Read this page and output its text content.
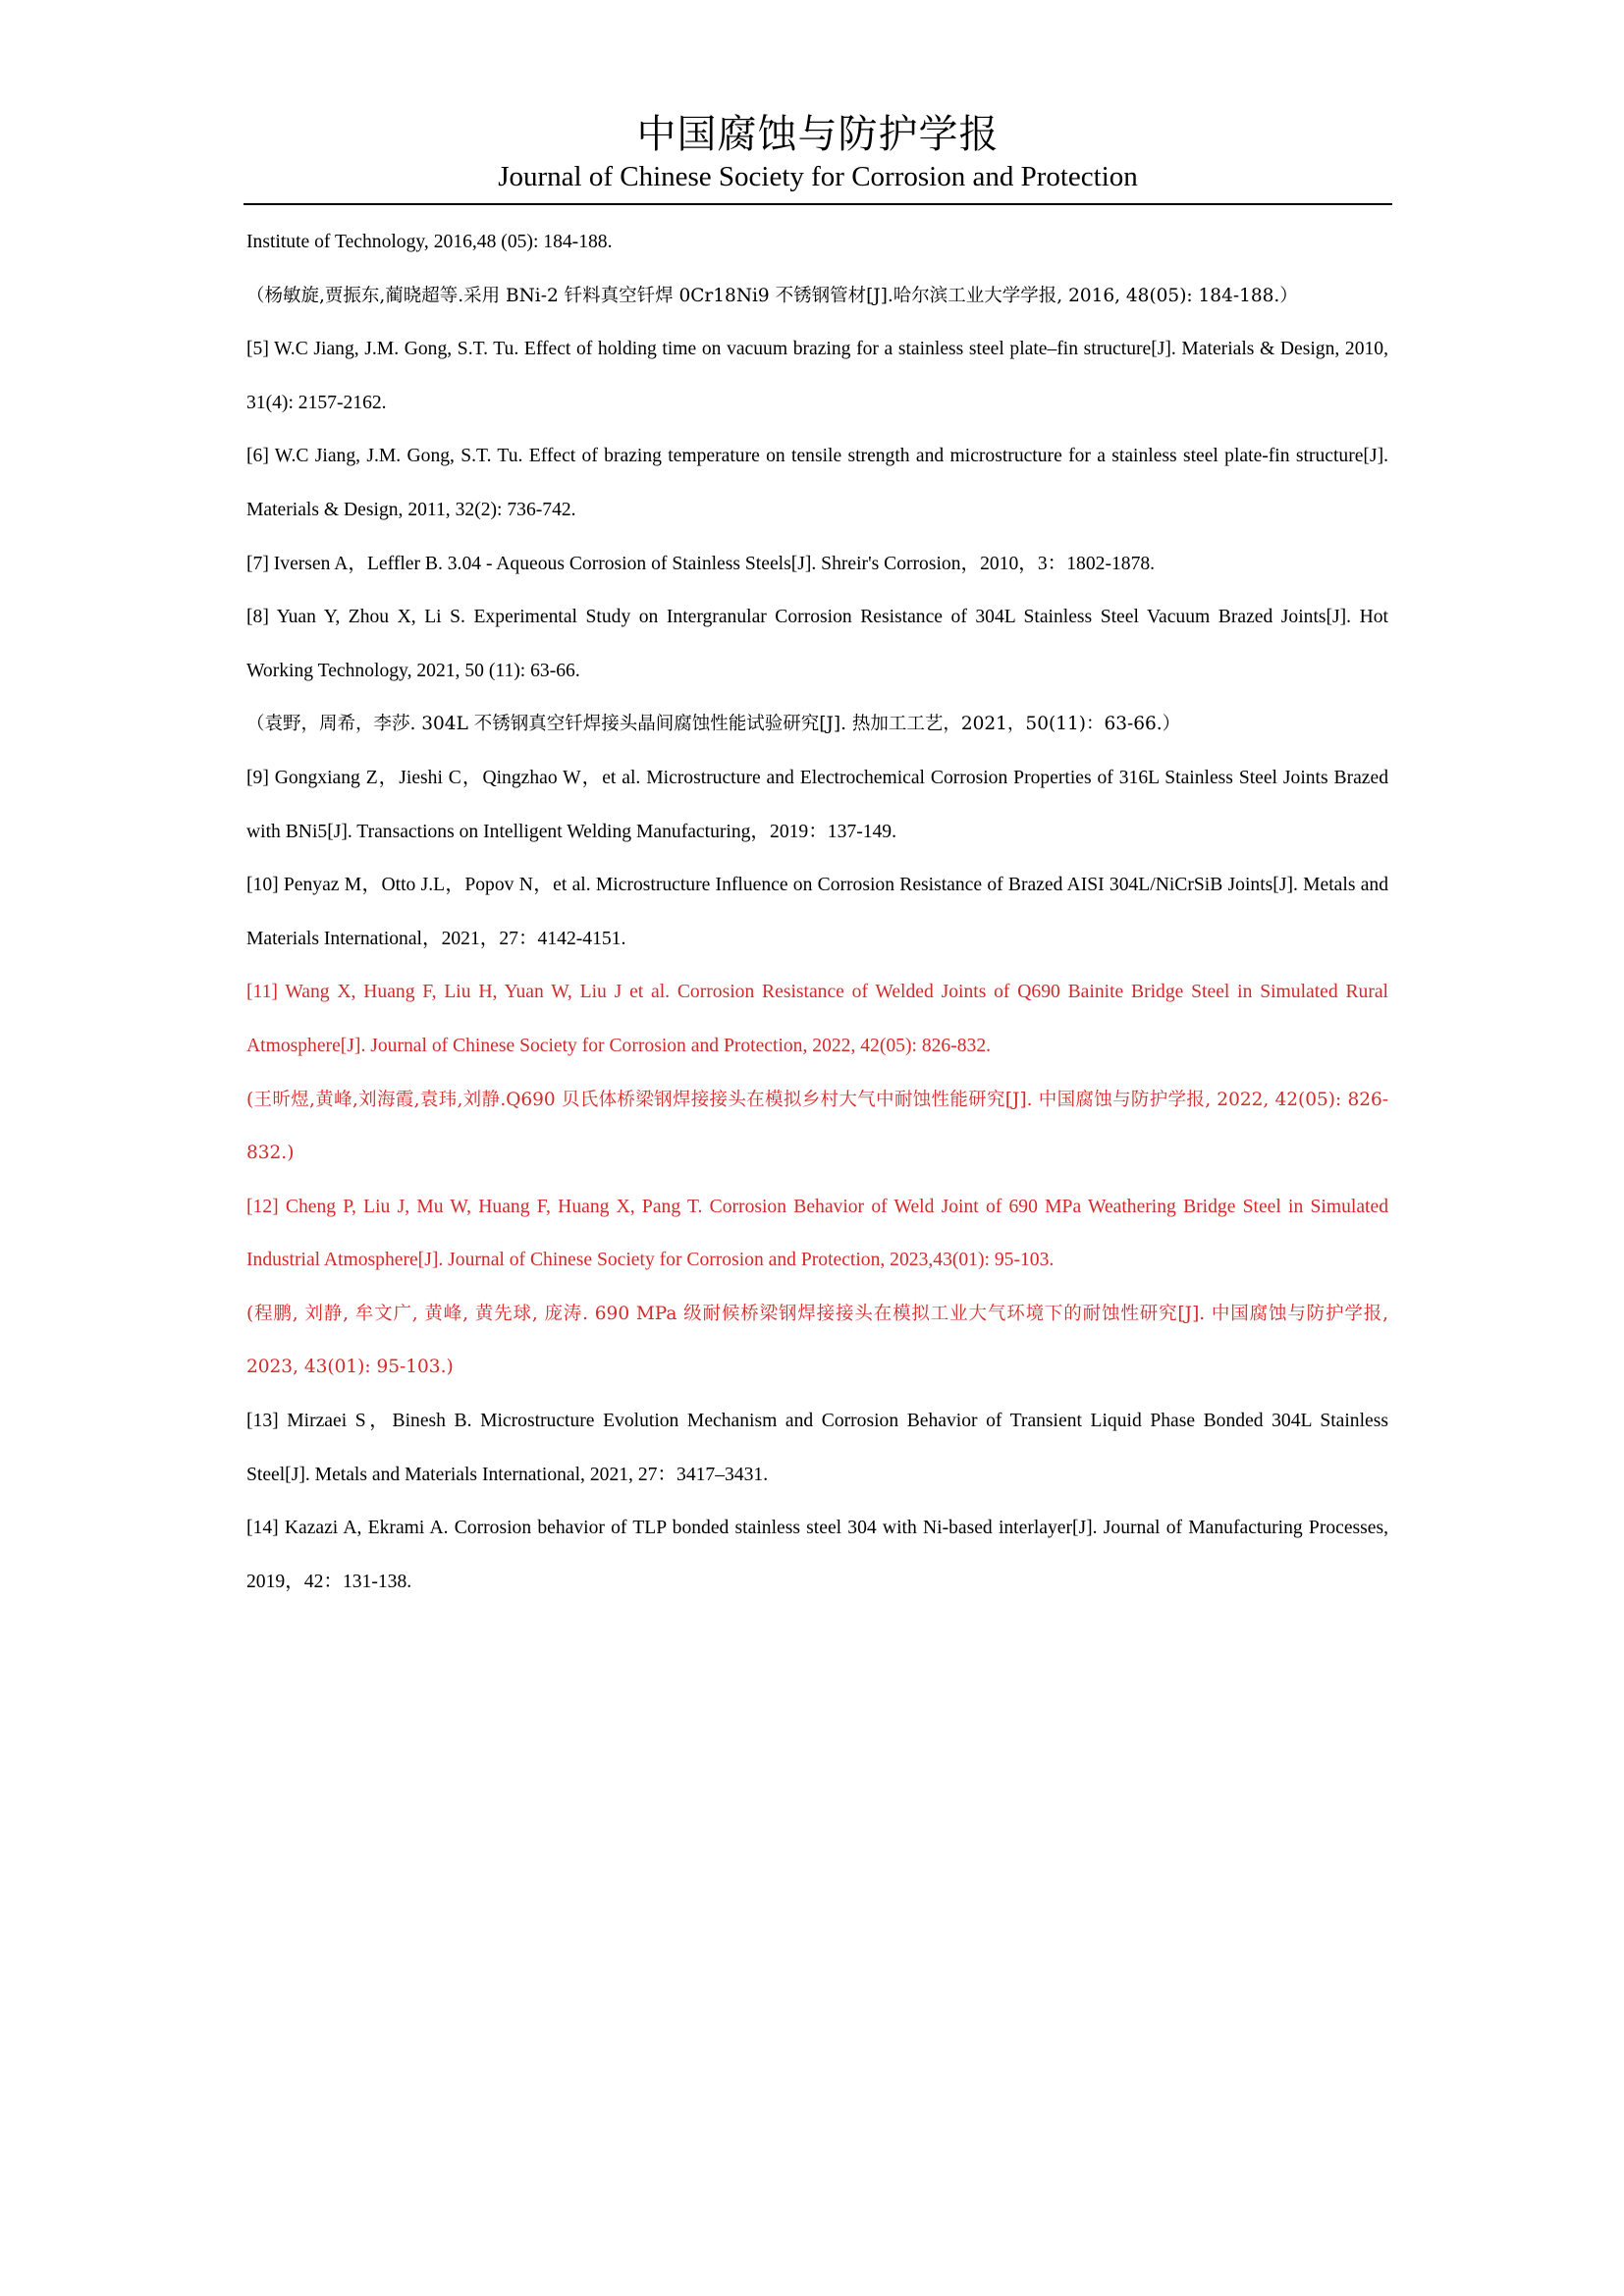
中国腐蚀与防护学报
Journal of Chinese Society for Corrosion and Protection

Institute of Technology, 2016,48 (05): 184-188.

（杨敏旋,贾振东,蔺晓超等.采用 BNi-2 钎料真空钎焊 0Cr18Ni9 不锈钢管材[J].哈尔滨工业大学学报, 2016, 48(05): 184-188.）

[5] W.C Jiang, J.M. Gong, S.T. Tu. Effect of holding time on vacuum brazing for a stainless steel plate–fin structure[J]. Materials & Design, 2010, 31(4): 2157-2162.

[6] W.C Jiang, J.M. Gong, S.T. Tu. Effect of brazing temperature on tensile strength and microstructure for a stainless steel plate-fin structure[J]. Materials & Design, 2011, 32(2): 736-742.

[7] Iversen A，Leffler B. 3.04 - Aqueous Corrosion of Stainless Steels[J]. Shreir's Corrosion，2010，3：1802-1878.

[8] Yuan Y, Zhou X, Li S. Experimental Study on Intergranular Corrosion Resistance of 304L Stainless Steel Vacuum Brazed Joints[J]. Hot Working Technology, 2021, 50 (11): 63-66.

（袁野，周希，李莎. 304L 不锈钢真空钎焊接头晶间腐蚀性能试验研究[J]. 热加工工艺，2021，50(11)：63-66.）

[9] Gongxiang Z，Jieshi C，Qingzhao W，et al. Microstructure and Electrochemical Corrosion Properties of 316L Stainless Steel Joints Brazed with BNi5[J]. Transactions on Intelligent Welding Manufacturing，2019：137-149.

[10] Penyaz M，Otto J.L，Popov N，et al. Microstructure Influence on Corrosion Resistance of Brazed AISI 304L/NiCrSiB Joints[J]. Metals and Materials International，2021，27：4142-4151.

[11] Wang X, Huang F, Liu H, Yuan W, Liu J et al. Corrosion Resistance of Welded Joints of Q690 Bainite Bridge Steel in Simulated Rural Atmosphere[J]. Journal of Chinese Society for Corrosion and Protection, 2022, 42(05): 826-832.

(王昕煜,黄峰,刘海霞,袁玮,刘静.Q690 贝氏体桥梁钢焊接接头在模拟乡村大气中耐蚀性能研究[J]. 中国腐蚀与防护学报, 2022, 42(05): 826-832.)

[12] Cheng P, Liu J, Mu W, Huang F, Huang X, Pang T. Corrosion Behavior of Weld Joint of 690 MPa Weathering Bridge Steel in Simulated Industrial Atmosphere[J]. Journal of Chinese Society for Corrosion and Protection, 2023,43(01): 95-103.

(程鹏, 刘静, 牟文广, 黄峰, 黄先球, 庞涛. 690 MPa 级耐候桥梁钢焊接接头在模拟工业大气环境下的耐蚀性研究[J]. 中国腐蚀与防护学报, 2023, 43(01): 95-103.)

[13] Mirzaei S，Binesh B. Microstructure Evolution Mechanism and Corrosion Behavior of Transient Liquid Phase Bonded 304L Stainless Steel[J]. Metals and Materials International, 2021, 27：3417–3431.

[14] Kazazi A, Ekrami A. Corrosion behavior of TLP bonded stainless steel 304 with Ni-based interlayer[J]. Journal of Manufacturing Processes, 2019，42：131-138.
